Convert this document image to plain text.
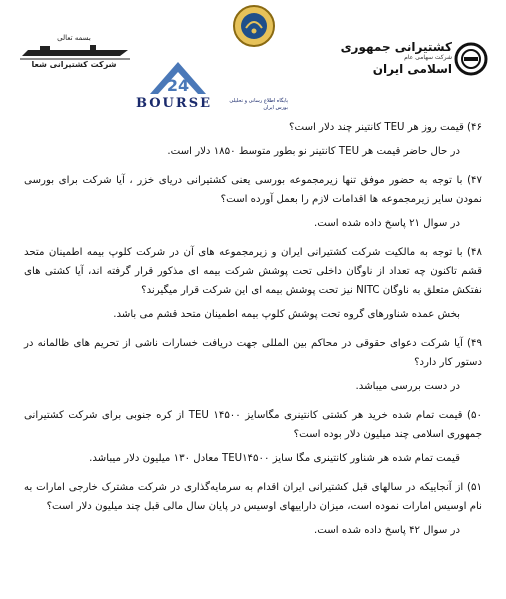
بسمه تعالی
شرکت کشتیرانی شعا
کشتیرانی جمهوری
شرکت سهامی عام
اسلامی ایران
24
BOURSE	پایگاه اطلاع رسانی و تحلیلی بورس ایران

۴۶) قیمت روز هر TEU کانتینر چند دلار است؟

در حال حاضر قیمت هر TEU کانتینر نو بطور متوسط ۱۸۵۰ دلار است.

۴۷) با توجه به حضور موفق تنها زیرمجموعه بورسی یعنی کشتیرانی دریای خزر ، آیا شرکت برای بورسی نمودن سایر زیرمجموعه ها اقدامات لازم را بعمل آورده است؟

در سوال ۲۱ پاسخ داده شده است.

۴۸) با توجه به مالکیت شرکت کشتیرانی ایران و زیرمجموعه های آن در شرکت کلوپ بیمه اطمینان متحد قشم تاکنون چه تعداد از ناوگان داخلی تحت پوشش شرکت بیمه ای مذکور قرار گرفته اند، آیا کشتی های نفتکش متعلق به ناوگان NITC نیز تحت پوشش بیمه ای این شرکت قرار میگیرند؟

بخش عمده شناورهای گروه تحت پوشش کلوپ بیمه اطمینان متحد قشم می باشد.

۴۹) آیا شرکت دعوای حقوقی در محاکم بین المللی جهت دریافت خسارات ناشی از تحریم های ظالمانه در دستور کار دارد؟

در دست بررسی میباشد.

۵۰) قیمت تمام شده خرید هر کشتی کانتینری مگاسایز ۱۴۵۰۰ TEU از کره جنوبی برای شرکت کشتیرانی جمهوری اسلامی چند میلیون دلار بوده است؟

قیمت تمام شده هر شناور کانتینری مگا سایز TEU۱۴۵۰۰ معادل ۱۳۰ میلیون دلار میباشد.

۵۱) از آنجاییکه در سالهای قبل کشتیرانی ایران اقدام به سرمایه‌گذاری در شرکت مشترک خارجی امارات به نام اوسیس امارات نموده است، میزان داراییهای اوسیس در پایان سال مالی قبل چند میلیون دلار است؟

در سوال ۴۲ پاسخ داده شده است.
